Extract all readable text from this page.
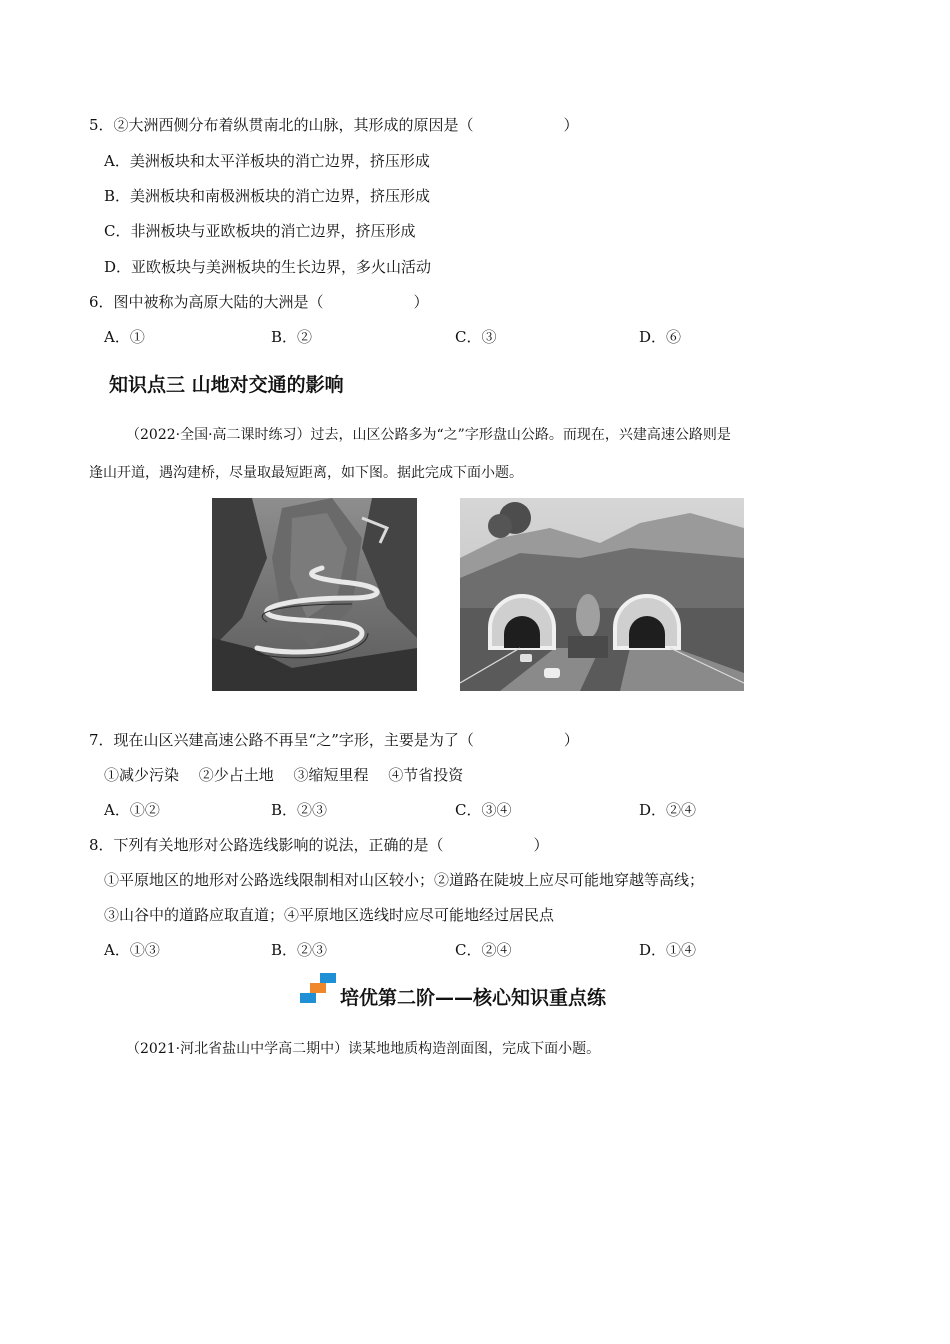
5．②大洲西侧分布着纵贯南北的山脉，其形成的原因是（　　　　　　）
A．美洲板块和太平洋板块的消亡边界，挤压形成
B．美洲板块和南极洲板块的消亡边界，挤压形成
C．非洲板块与亚欧板块的消亡边界，挤压形成
D．亚欧板块与美洲板块的生长边界，多火山活动
6．图中被称为高原大陆的大洲是（　　　　　　）
A．①	B．②	C．③	D．⑥
知识点三 山地对交通的影响
（2022·全国·高二课时练习）过去，山区公路多为“之”字形盘山公路。而现在，兴建高速公路则是
逢山开道，遇沟建桥，尽量取最短距离，如下图。据此完成下面小题。
7．现在山区兴建高速公路不再呈“之”字形，主要是为了（　　　　　　）
①减少污染　 ②少占土地　 ③缩短里程　 ④节省投资
A．①②	B．②③	C．③④	D．②④
8．下列有关地形对公路选线影响的说法，正确的是（　　　　　　）
①平原地区的地形对公路选线限制相对山区较小；②道路在陡坡上应尽可能地穿越等高线；
③山谷中的道路应取直道；④平原地区选线时应尽可能地经过居民点
A．①③	B．②③	C．②④	D．①④
培优第二阶——核心知识重点练
（2021·河北省盐山中学高二期中）读某地地质构造剖面图，完成下面小题。
